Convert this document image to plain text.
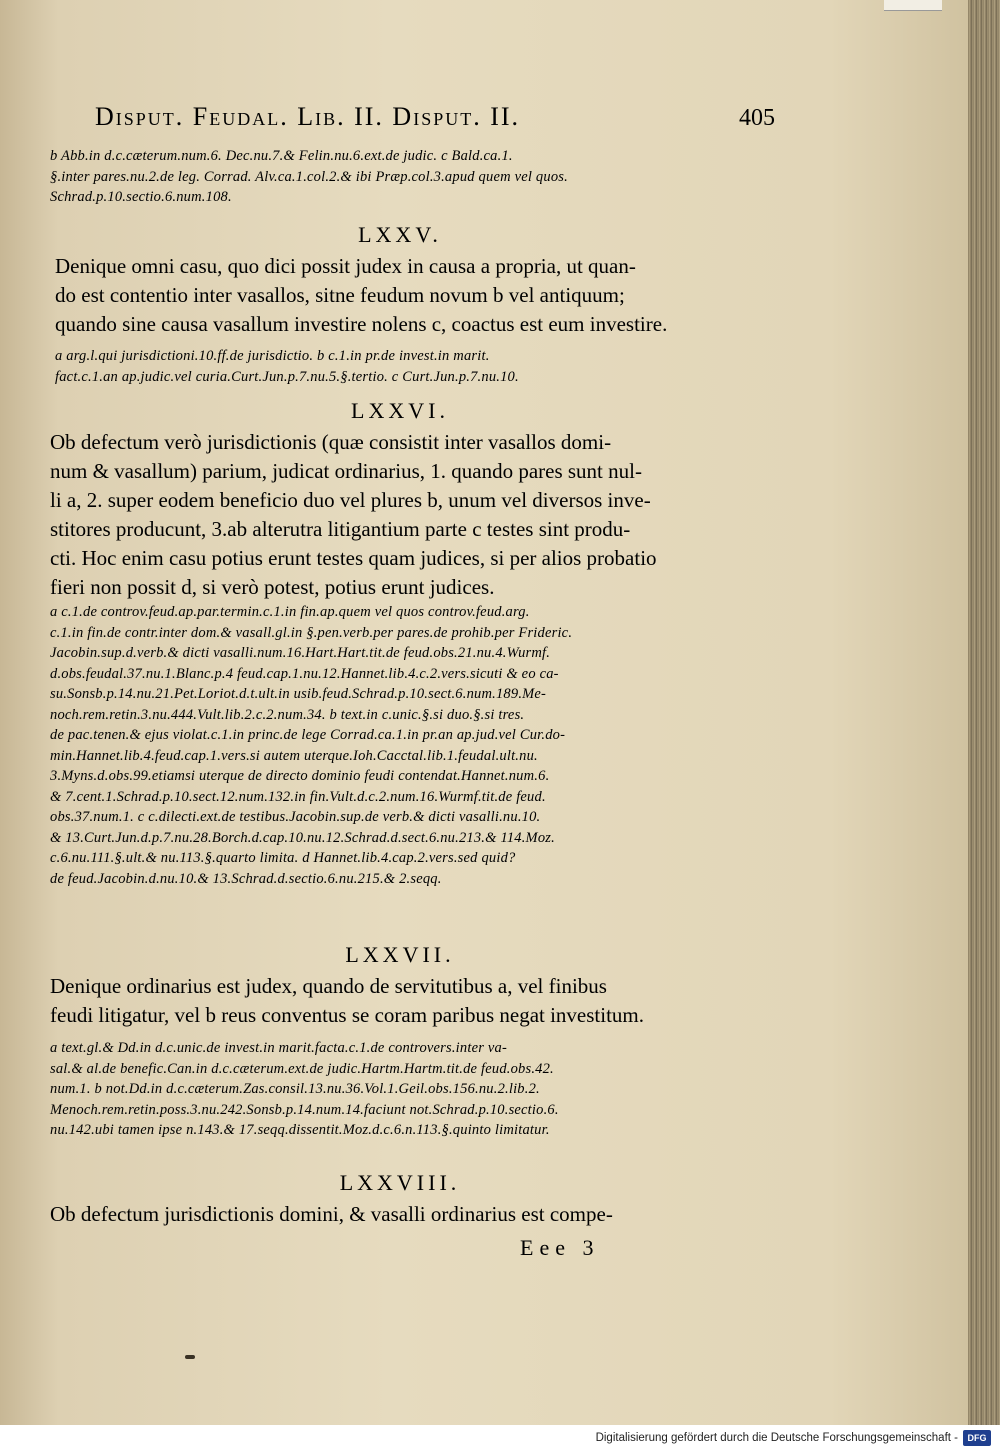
Disput. Feudal. Lib. II. Disput. II.	405
b Abb.in d.c.cæterum.num.6. Dec.nu.7.& Felin.nu.6.ext.de judic. c Bald.ca.1.
§.inter pares.nu.2.de leg. Corrad. Alv.ca.1.col.2.& ibi Præp.col.3.apud quem vel quos.
Schrad.p.10.sectio.6.num.108.
LXXV.
Denique omni casu, quo dici possit judex in causa a propria, ut quan-
do est contentio inter vasallos, sitne feudum novum b vel antiquum;
quando sine causa vasallum investire nolens c, coactus est eum investire.
a arg.l.qui jurisdictioni.10.ff.de jurisdictio. b c.1.in pr.de invest.in marit.
fact.c.1.an ap.judic.vel curia.Curt.Jun.p.7.nu.5.§.tertio. c Curt.Jun.p.7.nu.10.
LXXVI.
Ob defectum verò jurisdictionis (quæ consistit inter vasallos domi-
num & vasallum) parium, judicat ordinarius, 1. quando pares sunt nul-
li a, 2. super eodem beneficio duo vel plures b, unum vel diversos inve-
stitores producunt, 3.ab alterutra litigantium parte c testes sint produ-
cti. Hoc enim casu potius erunt testes quam judices, si per alios probatio
fieri non possit d, si verò potest, potius erunt judices.
a c.1.de controv.feud.ap.par.termin.c.1.in fin.ap.quem vel quos controv.feud.arg.
c.1.in fin.de contr.inter dom.& vasall.gl.in §.pen.verb.per pares.de prohib.per Frideric.
Jacobin.sup.d.verb.& dicti vasalli.num.16.Hart.Hart.tit.de feud.obs.21.nu.4.Wurmf.
d.obs.feudal.37.nu.1.Blanc.p.4 feud.cap.1.nu.12.Hannet.lib.4.c.2.vers.sicuti & eo ca-
su.Sonsb.p.14.nu.21.Pet.Loriot.d.t.ult.in usib.feud.Schrad.p.10.sect.6.num.189.Me-
noch.rem.retin.3.nu.444.Vult.lib.2.c.2.num.34. b text.in c.unic.§.si duo.§.si tres.
de pac.tenen.& ejus violat.c.1.in princ.de lege Corrad.ca.1.in pr.an ap.jud.vel Cur.do-
min.Hannet.lib.4.feud.cap.1.vers.si autem uterque.Ioh.Cacctal.lib.1.feudal.ult.nu.
3.Myns.d.obs.99.etiamsi uterque de directo dominio feudi contendat.Hannet.num.6.
& 7.cent.1.Schrad.p.10.sect.12.num.132.in fin.Vult.d.c.2.num.16.Wurmf.tit.de feud.
obs.37.num.1. c c.dilecti.ext.de testibus.Jacobin.sup.de verb.& dicti vasalli.nu.10.
& 13.Curt.Jun.d.p.7.nu.28.Borch.d.cap.10.nu.12.Schrad.d.sect.6.nu.213.& 114.Moz.
c.6.nu.111.§.ult.& nu.113.§.quarto limita. d Hannet.lib.4.cap.2.vers.sed quid?
de feud.Jacobin.d.nu.10.& 13.Schrad.d.sectio.6.nu.215.& 2.seqq.
LXXVII.
Denique ordinarius est judex, quando de servitutibus a, vel finibus
feudi litigatur, vel b reus conventus se coram paribus negat investitum.
a text.gl.& Dd.in d.c.unic.de invest.in marit.facta.c.1.de controvers.inter va-
sal.& al.de benefic.Can.in d.c.cæterum.ext.de judic.Hartm.Hartm.tit.de feud.obs.42.
num.1. b not.Dd.in d.c.cæterum.Zas.consil.13.nu.36.Vol.1.Geil.obs.156.nu.2.lib.2.
Menoch.rem.retin.poss.3.nu.242.Sonsb.p.14.num.14.faciunt not.Schrad.p.10.sectio.6.
nu.142.ubi tamen ipse n.143.& 17.seqq.dissentit.Moz.d.c.6.n.113.§.quinto limitatur.
LXXVIII.
Ob defectum jurisdictionis domini, & vasalli ordinarius est compe-
Eee 3
Digitalisierung gefördert durch die Deutsche Forschungsgemeinschaft -	DFG
